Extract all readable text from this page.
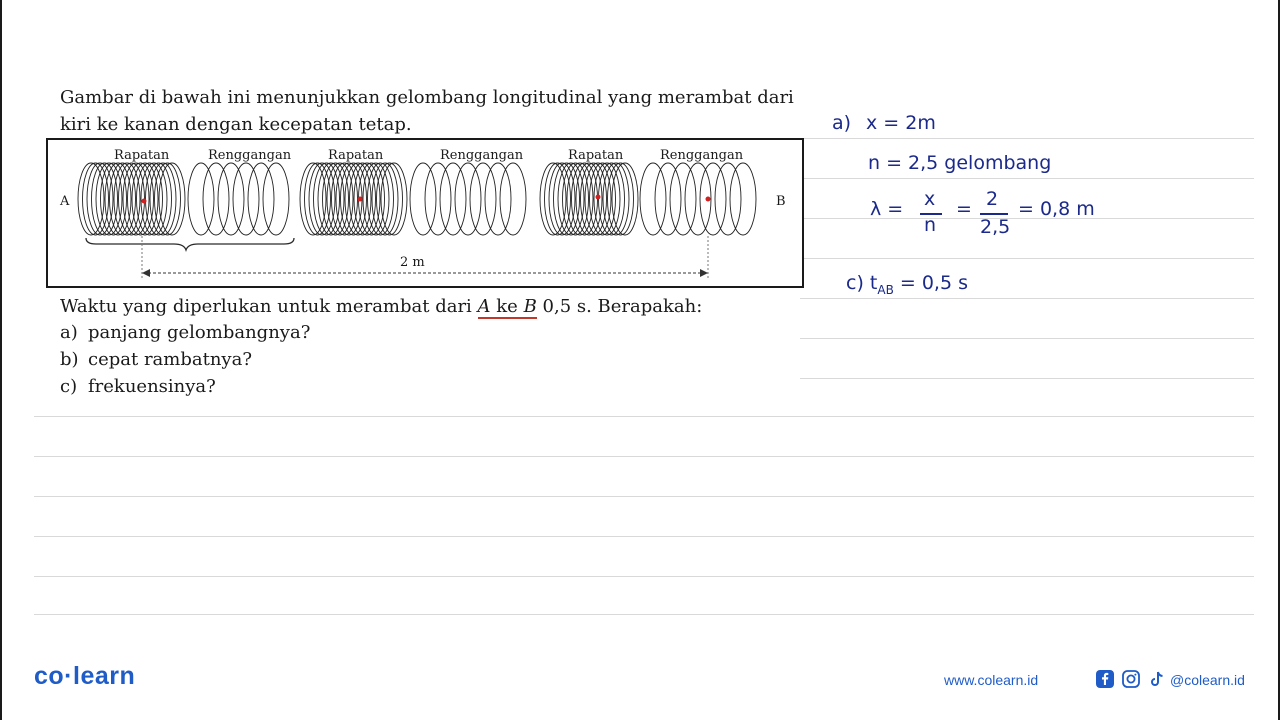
Gambar di bawah ini menunjukkan gelombang longitudinal yang merambat dari kiri ke kanan dengan kecepatan tetap.
Rapatan	Renggangan	Rapatan	Renggangan	Rapatan	Renggangan
A	B
2 m
Waktu yang diperlukan untuk merambat dari A ke B 0,5 s. Berapakah:
a) panjang gelombangnya?
b) cepat rambatnya?
c) frekuensinya?
a) x = 2m
n = 2,5 gelombang
λ = x
n
= 2
2,5
= 0,8 m
c) $t_{AB} = 0,5$ s
co·learn	www.colearn.id	@colearn.id
